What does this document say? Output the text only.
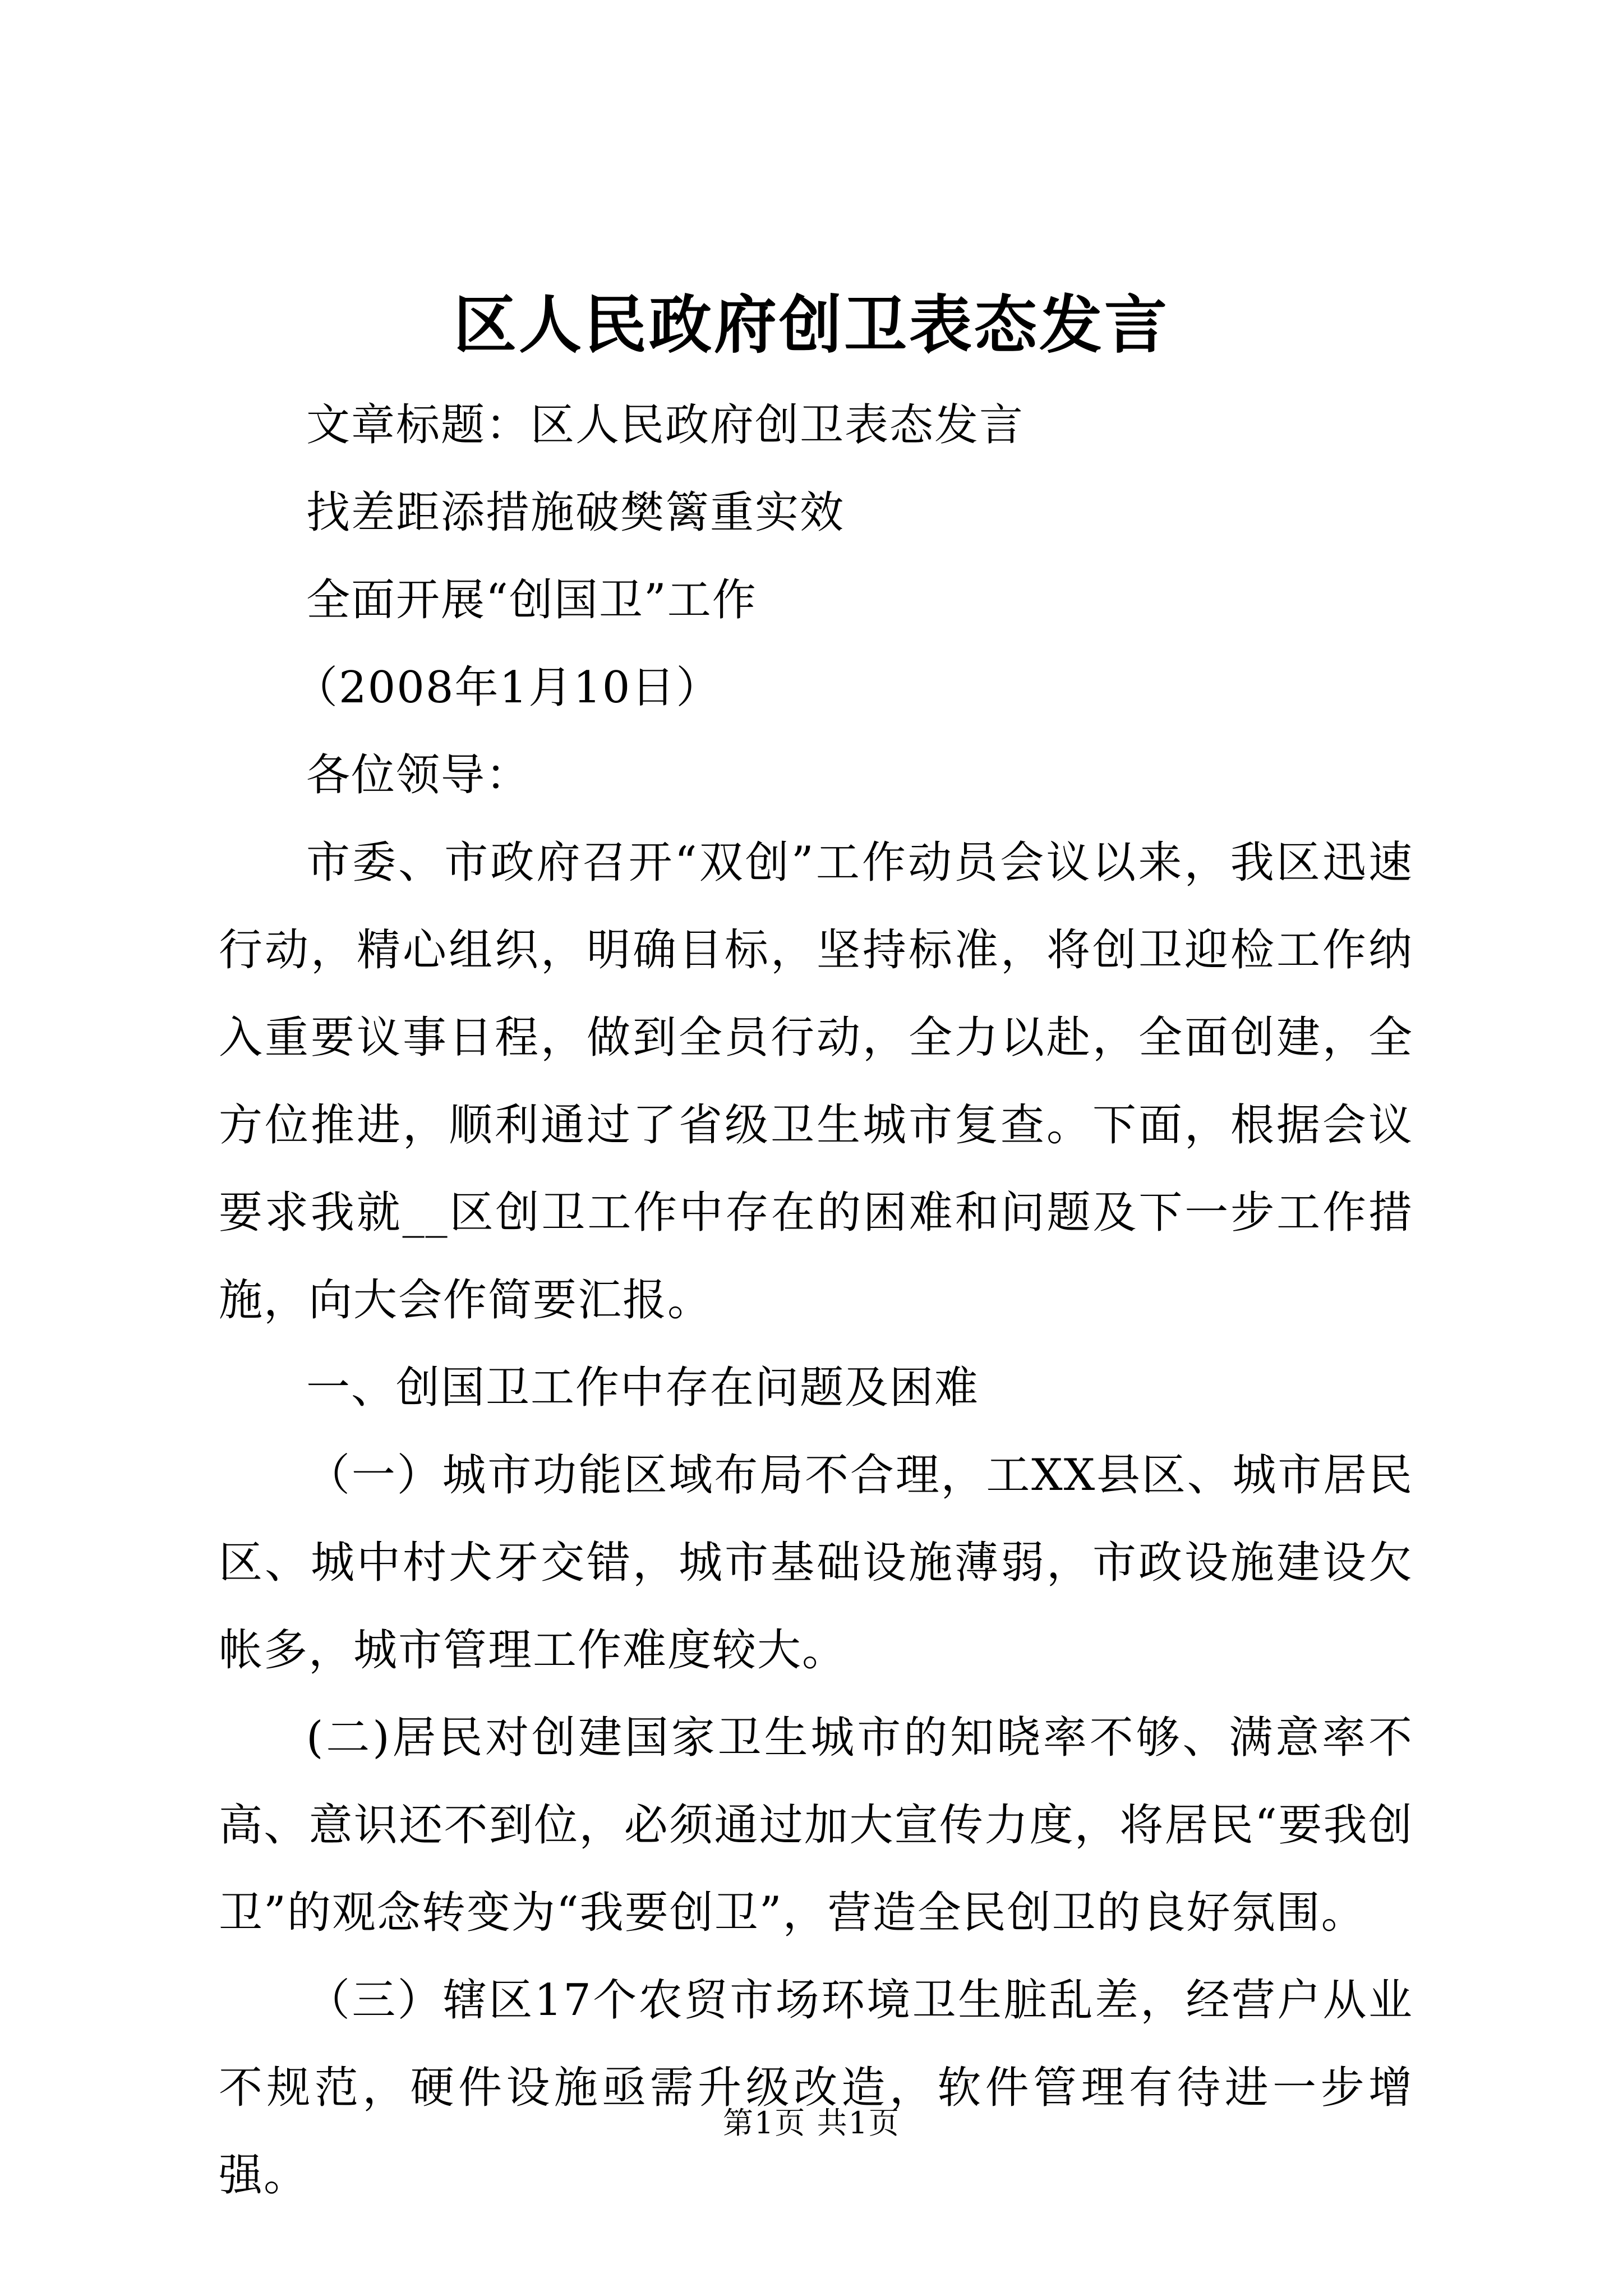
区人民政府创卫表态发言

文章标题：区人民政府创卫表态发言

找差距添措施破樊篱重实效

全面开展“创国卫”工作

（2008年1月10日）

各位领导：

市委、市政府召开“双创”工作动员会议以来，我区迅速行动，精心组织，明确目标，坚持标准，将创卫迎检工作纳入重要议事日程，做到全员行动，全力以赴，全面创建，全方位推进，顺利通过了省级卫生城市复查。下面，根据会议要求我就__区创卫工作中存在的困难和问题及下一步工作措施，向大会作简要汇报。

一、创国卫工作中存在问题及困难

（一）城市功能区域布局不合理，工XX县区、城市居民区、城中村犬牙交错，城市基础设施薄弱，市政设施建设欠帐多，城市管理工作难度较大。

(二)居民对创建国家卫生城市的知晓率不够、满意率不高、意识还不到位，必须通过加大宣传力度，将居民“要我创卫”的观念转变为“我要创卫”，营造全民创卫的良好氛围。

（三）辖区17个农贸市场环境卫生脏乱差，经营户从业不规范，硬件设施亟需升级改造，软件管理有待进一步增强。

第1页 共1页
